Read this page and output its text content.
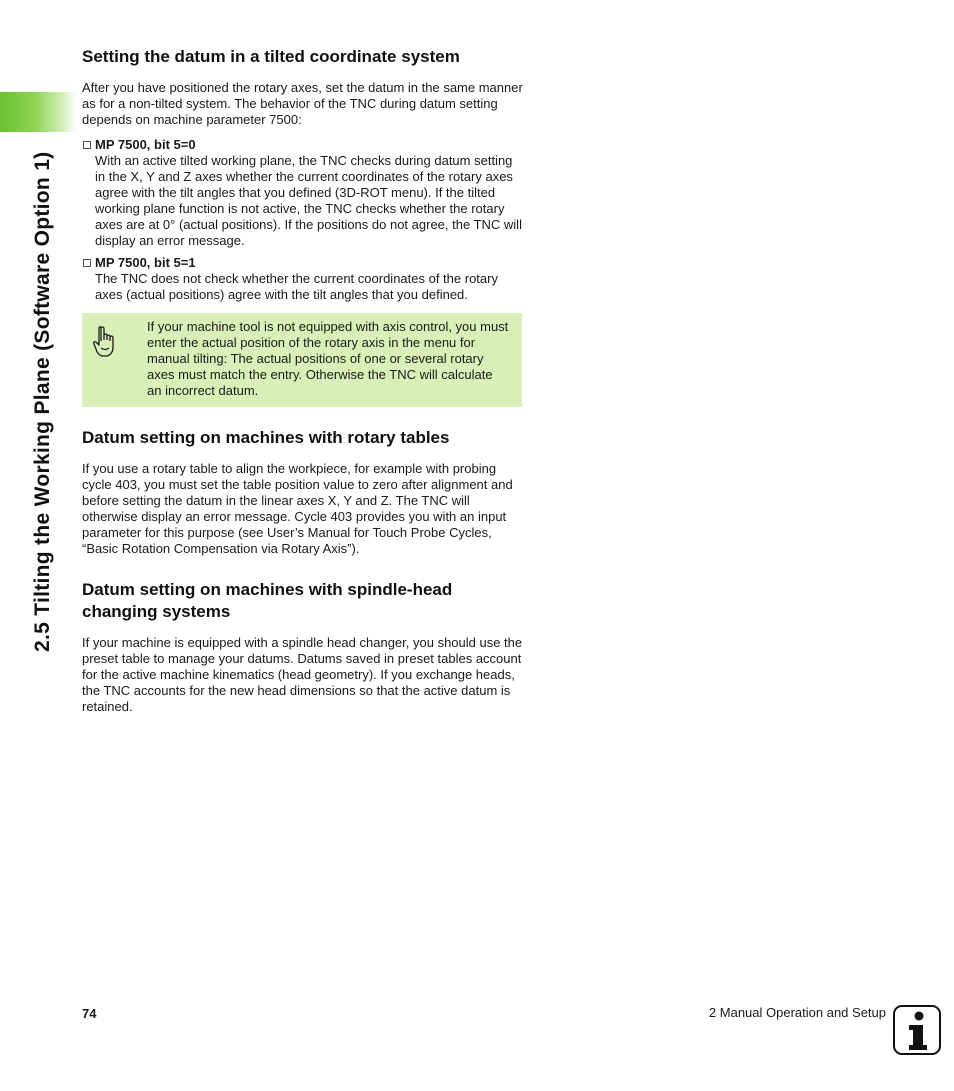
2.5 Tilting the Working Plane (Software Option 1)
Setting the datum in a tilted coordinate system

After you have positioned the rotary axes, set the datum in the same manner as for a non-tilted system. The behavior of the TNC during datum setting depends on machine parameter 7500:

MP 7500, bit 5=0
With an active tilted working plane, the TNC checks during datum setting in the X, Y and Z axes whether the current coordinates of the rotary axes agree with the tilt angles that you defined (3D-ROT menu). If the tilted working plane function is not active, the TNC checks whether the rotary axes are at 0° (actual positions). If the positions do not agree, the TNC will display an error message.
MP 7500, bit 5=1
The TNC does not check whether the current coordinates of the rotary axes (actual positions) agree with the tilt angles that you defined.

If your machine tool is not equipped with axis control, you must enter the actual position of the rotary axis in the menu for manual tilting: The actual positions of one or several rotary axes must match the entry. Otherwise the TNC will calculate an incorrect datum.

Datum setting on machines with rotary tables

If you use a rotary table to align the workpiece, for example with probing cycle 403, you must set the table position value to zero after alignment and before setting the datum in the linear axes X, Y and Z. The TNC will otherwise display an error message. Cycle 403 provides you with an input parameter for this purpose (see User’s Manual for Touch Probe Cycles, “Basic Rotation Compensation via Rotary Axis”).

Datum setting on machines with spindle-head changing systems

If your machine is equipped with a spindle head changer, you should use the preset table to manage your datums. Datums saved in preset tables account for the active machine kinematics (head geometry). If you exchange heads, the TNC accounts for the new head dimensions so that the active datum is retained.

74	2 Manual Operation and Setup
